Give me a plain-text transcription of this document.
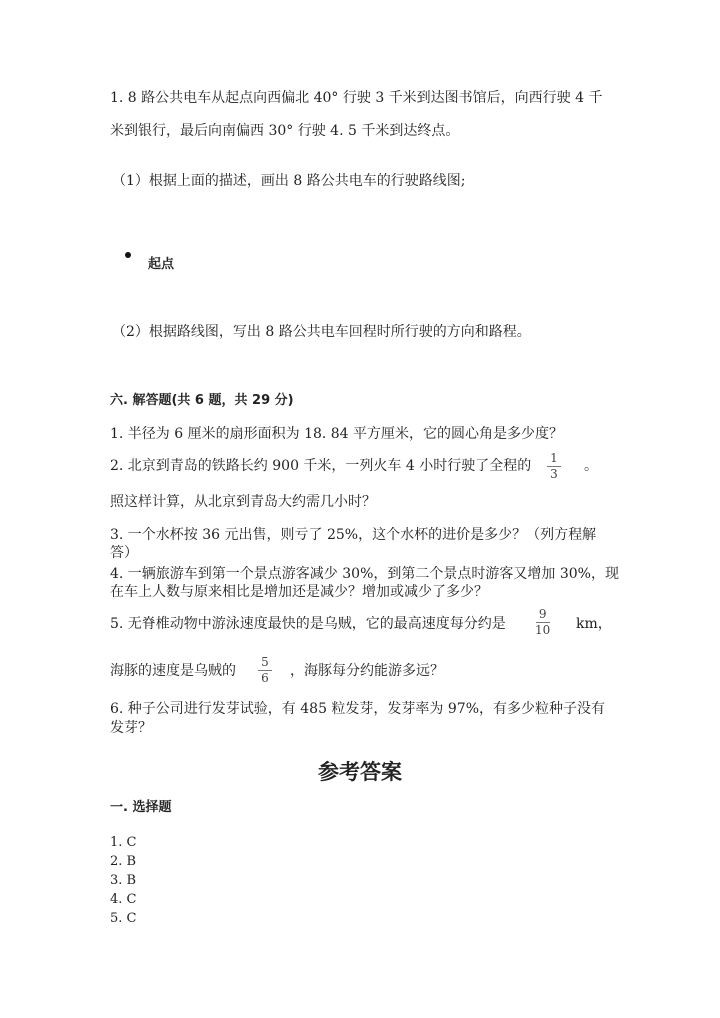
1. 8 路公共电车从起点向西偏北 40° 行驶 3 千米到达图书馆后，向西行驶 4 千
米到银行，最后向南偏西 30° 行驶 4. 5 千米到达终点。
（1）根据上面的描述，画出 8 路公共电车的行驶路线图;
起点
（2）根据路线图，写出 8 路公共电车回程时所行驶的方向和路程。
六. 解答题(共 6 题，共 29 分)
1. 半径为 6 厘米的扇形面积为 18. 84 平方厘米，它的圆心角是多少度？
2. 北京到青岛的铁路长约 900 千米，一列火车 4 小时行驶了全程的 1
3 。
照这样计算，从北京到青岛大约需几小时？
3. 一个水杯按 36 元出售，则亏了 25%，这个水杯的进价是多少？（列方程解
答）
4. 一辆旅游车到第一个景点游客减少 30%，到第二个景点时游客又增加 30%，现
在车上人数与原来相比是增加还是减少？增加或减少了多少？
5. 无脊椎动物中游泳速度最快的是乌贼，它的最高速度每分约是
9
10 km，
海豚的速度是乌贼的
5
6 ，海豚每分约能游多远？
6. 种子公司进行发芽试验，有 485 粒发芽，发芽率为 97%，有多少粒种子没有
发芽？
参考答案
一. 选择题
1. C
2. B
3. B
4. C
5. C
